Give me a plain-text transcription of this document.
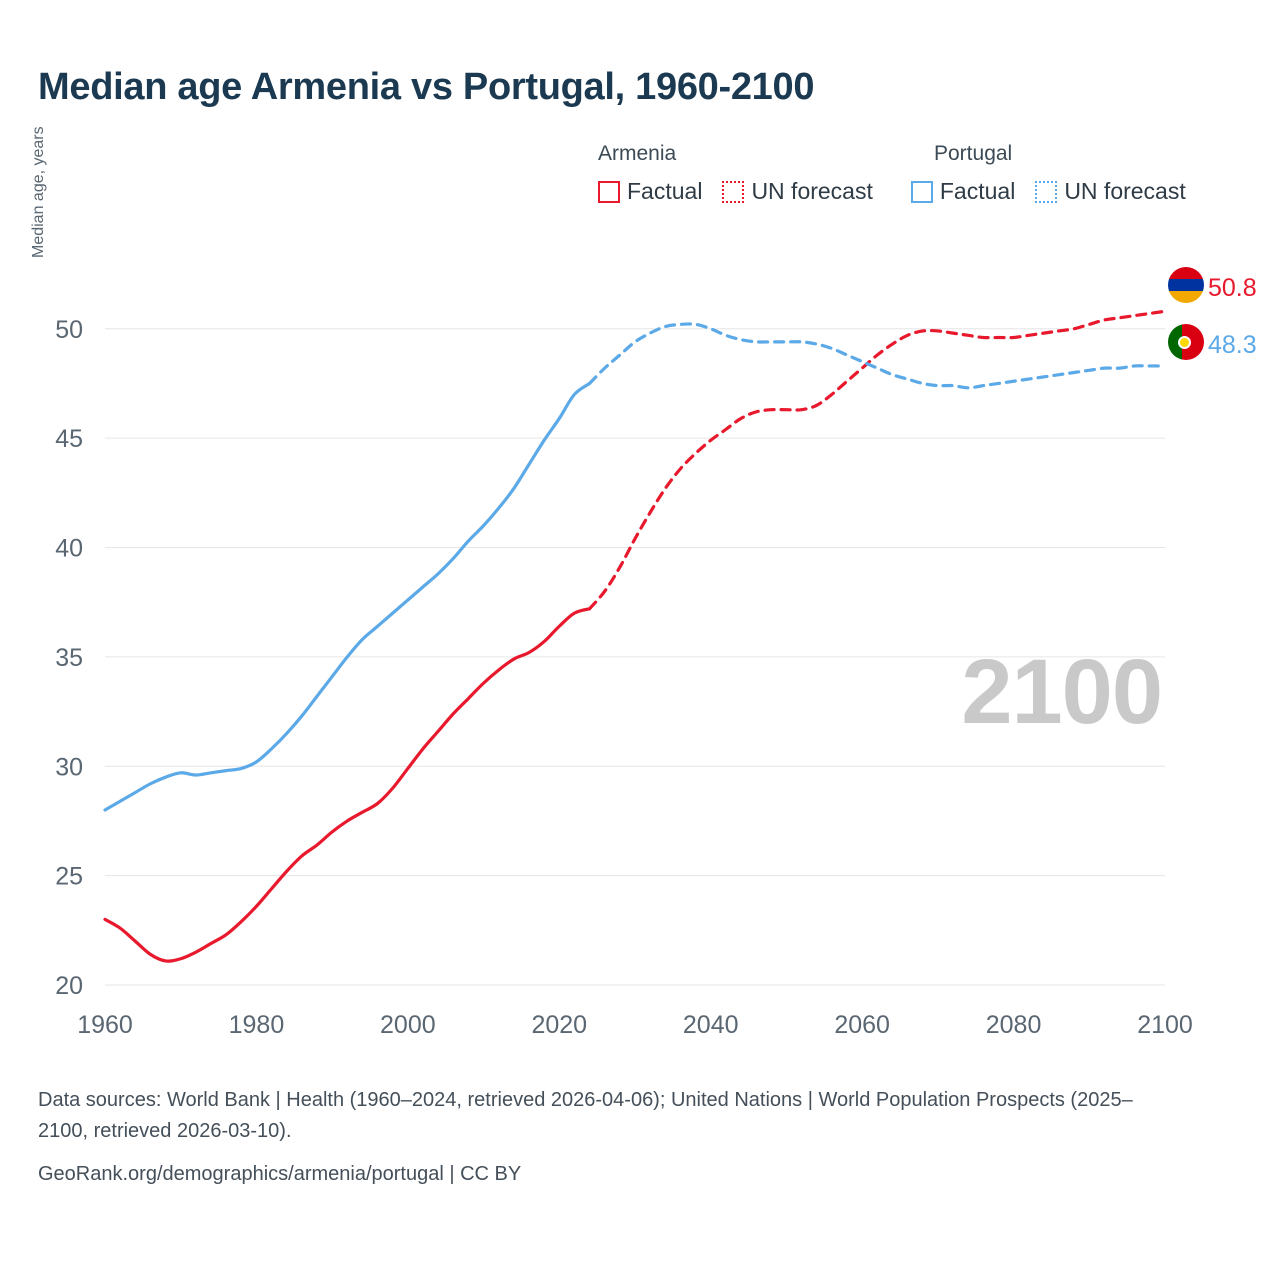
Median age Armenia vs Portugal, 1960-2100
Armenia	Portugal
Factual UN forecast	Factual UN forecast
Median age, years
20
25
30
35
40
45
50
1960	1980	2000	2020	2040	2060	2080	2100
2100
50.8
48.3
Data sources: World Bank | Health (1960–2024, retrieved 2026-04-06); United Nations | World Population Prospects (2025–2100, retrieved 2026-03-10).
GeoRank.org/demographics/armenia/portugal | CC BY
